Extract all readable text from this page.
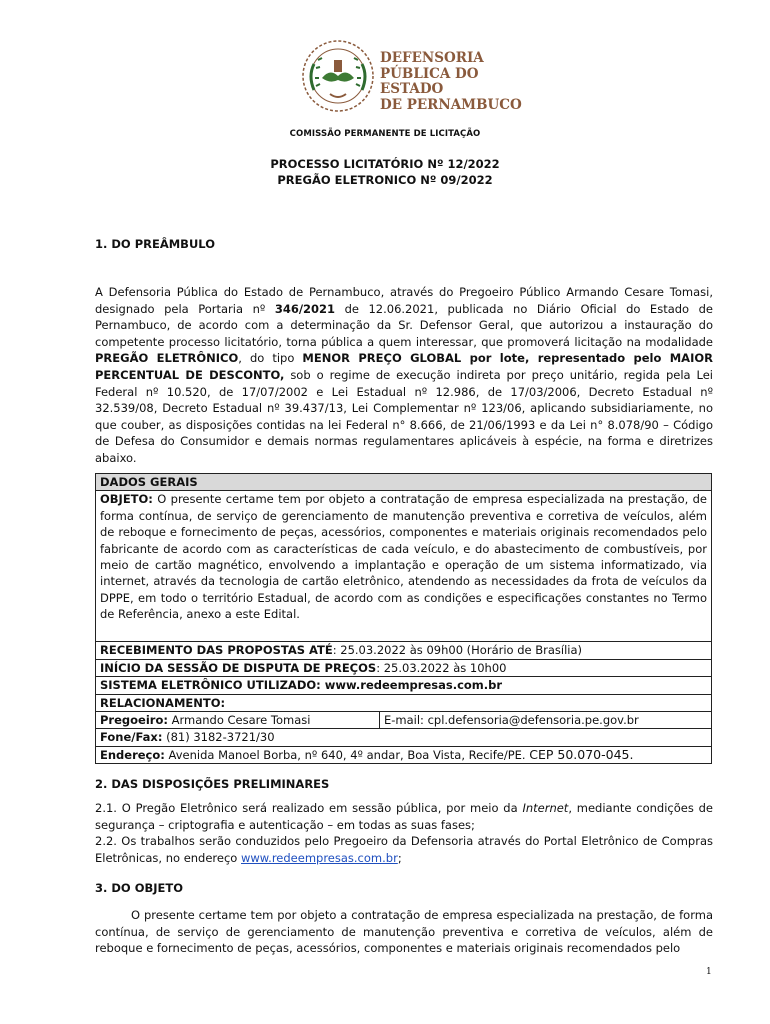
DEFENSORIA
PÚBLICA DO ESTADO
DE PERNAMBUCO
COMISSÃO PERMANENTE DE LICITAÇÃO
PROCESSO LICITATÓRIO Nº 12/2022
PREGÃO ELETRONICO Nº 09/2022
1. DO PREÂMBULO
A Defensoria Pública do Estado de Pernambuco, através do Pregoeiro Público Armando Cesare Tomasi, designado pela Portaria nº 346/2021 de 12.06.2021, publicada no Diário Oficial do Estado de Pernambuco, de acordo com a determinação da Sr. Defensor Geral, que autorizou a instauração do competente processo licitatório, torna pública a quem interessar, que promoverá licitação na modalidade PREGÃO ELETRÔNICO, do tipo MENOR PREÇO GLOBAL por lote, representado pelo MAIOR PERCENTUAL DE DESCONTO, sob o regime de execução indireta por preço unitário, regida pela Lei Federal nº 10.520, de 17/07/2002 e Lei Estadual nº 12.986, de 17/03/2006, Decreto Estadual nº 32.539/08, Decreto Estadual nº 39.437/13, Lei Complementar nº 123/06, aplicando subsidiariamente, no que couber, as disposições contidas na lei Federal n° 8.666, de 21/06/1993 e da Lei n° 8.078/90 – Código de Defesa do Consumidor e demais normas regulamentares aplicáveis à espécie, na forma e diretrizes abaixo.
DADOS GERAIS
OBJETO: O presente certame tem por objeto a contratação de empresa especializada na prestação, de forma contínua, de serviço de gerenciamento de manutenção preventiva e corretiva de veículos, além de reboque e fornecimento de peças, acessórios, componentes e materiais originais recomendados pelo fabricante de acordo com as características de cada veículo, e do abastecimento de combustíveis, por meio de cartão magnético, envolvendo a implantação e operação de um sistema informatizado, via internet, através da tecnologia de cartão eletrônico, atendendo as necessidades da frota de veículos da DPPE, em todo o território Estadual, de acordo com as condições e especificações constantes no Termo de Referência, anexo a este Edital.
RECEBIMENTO DAS PROPOSTAS ATÉ: 25.03.2022 às 09h00 (Horário de Brasília)
INÍCIO DA SESSÃO DE DISPUTA DE PREÇOS: 25.03.2022 às 10h00
SISTEMA ELETRÔNICO UTILIZADO: www.redeempresas.com.br
RELACIONAMENTO:
Pregoeiro: Armando Cesare Tomasi	E-mail: cpl.defensoria@defensoria.pe.gov.br
Fone/Fax: (81) 3182-3721/30
Endereço: Avenida Manoel Borba, nº 640, 4º andar, Boa Vista, Recife/PE. CEP 50.070-045.
2. DAS DISPOSIÇÕES PRELIMINARES
2.1. O Pregão Eletrônico será realizado em sessão pública, por meio da Internet, mediante condições de segurança – criptografia e autenticação – em todas as suas fases;
2.2. Os trabalhos serão conduzidos pelo Pregoeiro da Defensoria através do Portal Eletrônico de Compras Eletrônicas, no endereço www.redeempresas.com.br;
3. DO OBJETO
O presente certame tem por objeto a contratação de empresa especializada na prestação, de forma contínua, de serviço de gerenciamento de manutenção preventiva e corretiva de veículos, além de reboque e fornecimento de peças, acessórios, componentes e materiais originais recomendados pelo
1
